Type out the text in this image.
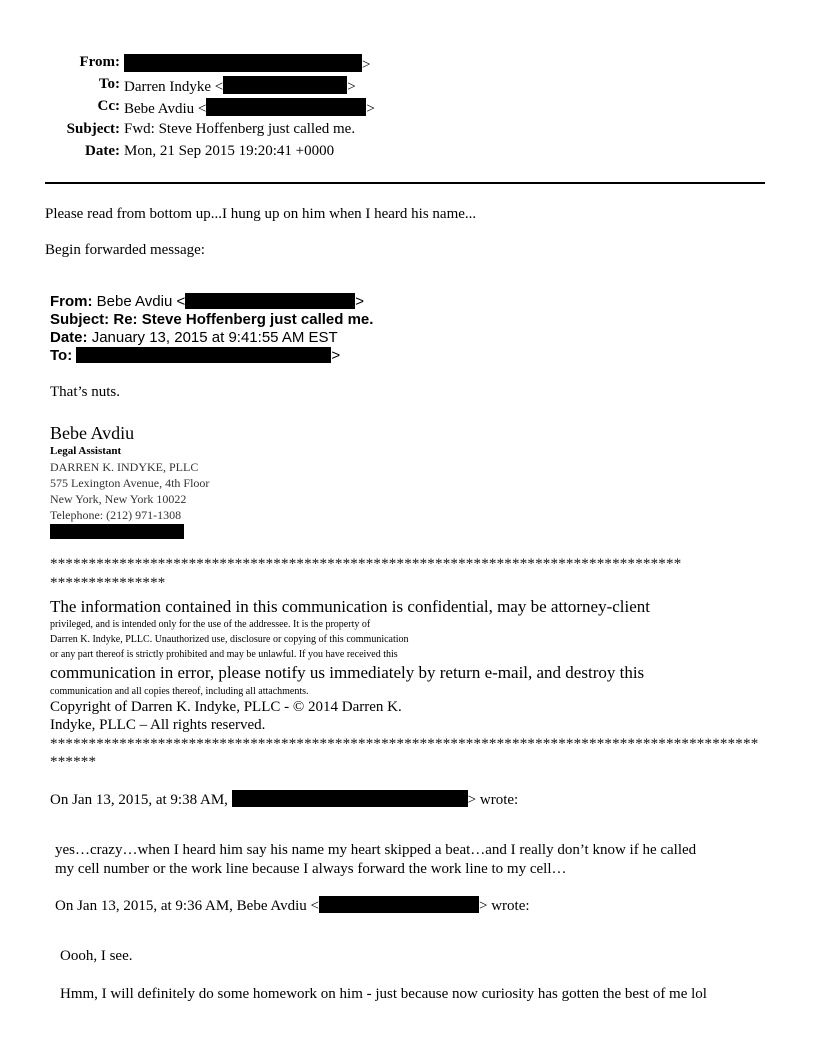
From:	>
To: Darren Indyke <	>
Cc: Bebe Avdiu <	>
Subject: Fwd: Steve Hoffenberg just called me.
Date: Mon, 21 Sep 2015 19:20:41 +0000
Please read from bottom up...I hung up on him when I heard his name...
Begin forwarded message:
From: Bebe Avdiu <	>
Subject: Re: Steve Hoffenberg just called me.
Date: January 13, 2015 at 9:41:55 AM EST
To:	>
That’s nuts.
Bebe Avdiu
Legal Assistant
DARREN K. INDYKE, PLLC
575 Lexington Avenue, 4th Floor
New York, New York 10022
Telephone: (212) 971-1308
**********************************************************************************
***************
The information contained in this communication is confidential, may be attorney-client
privileged, and is intended only for the use of the addressee. It is the property of
Darren K. Indyke, PLLC. Unauthorized use, disclosure or copying of this communication
or any part thereof is strictly prohibited and may be unlawful. If you have received this
communication in error, please notify us immediately by return e-mail, and destroy this
communication and all copies thereof, including all attachments.
Copyright of Darren K. Indyke, PLLC - © 2014 Darren K.
Indyke, PLLC – All rights reserved.
********************************************************************************************
******
On Jan 13, 2015, at 9:38 AM,	> wrote:
yes…crazy…when I heard him say his name my heart skipped a beat…and I really don’t know if he called
my cell number or the work line because I always forward the work line to my cell…
On Jan 13, 2015, at 9:36 AM, Bebe Avdiu <	> wrote:
Oooh, I see.
Hmm, I will definitely do some homework on him - just because now curiosity has gotten the best of me lol
